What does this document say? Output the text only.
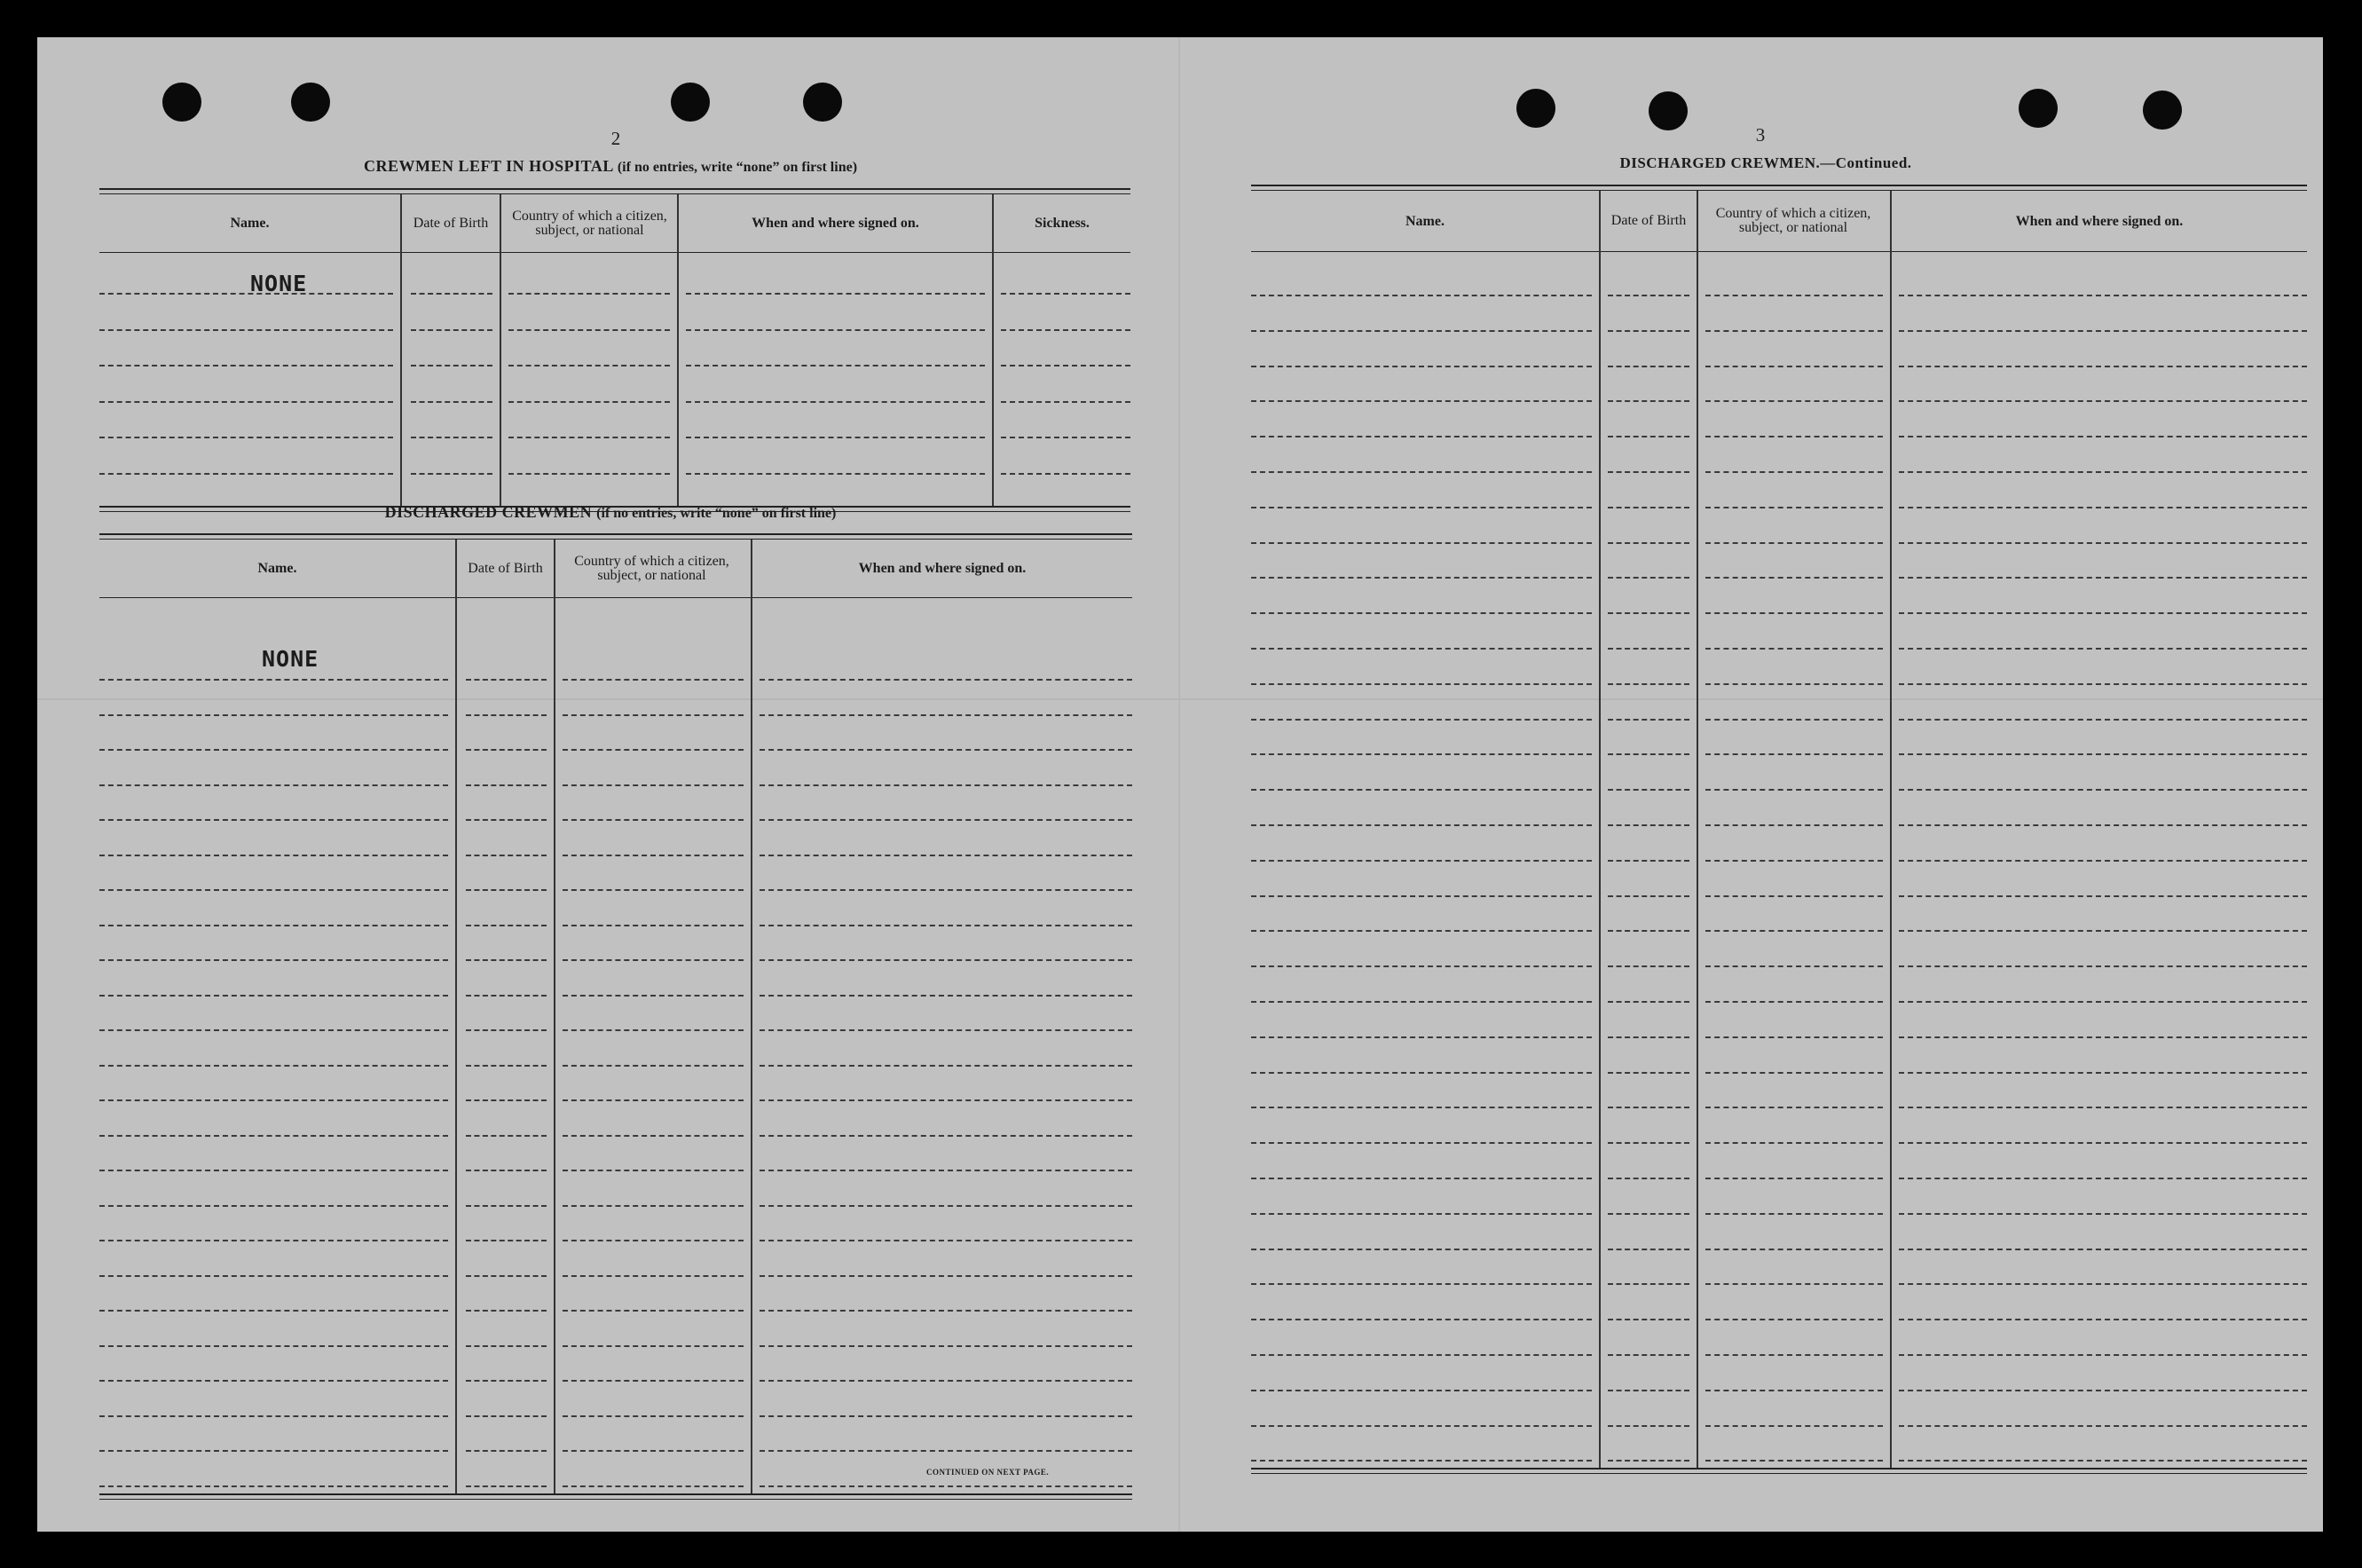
2
CREWMEN LEFT IN HOSPITAL (if no entries, write “none” on first line)
Name.	Date of Birth	Country of which a citizen, subject, or national	When and where signed on.	Sickness.
NONE
DISCHARGED CREWMEN (if no entries, write “none” on first line)
Name.	Date of Birth	Country of which a citizen, subject, or national	When and where signed on.
NONE
CONTINUED ON NEXT PAGE.
3
DISCHARGED CREWMEN.—Continued.
Name.	Date of Birth	Country of which a citizen, subject, or national	When and where signed on.
